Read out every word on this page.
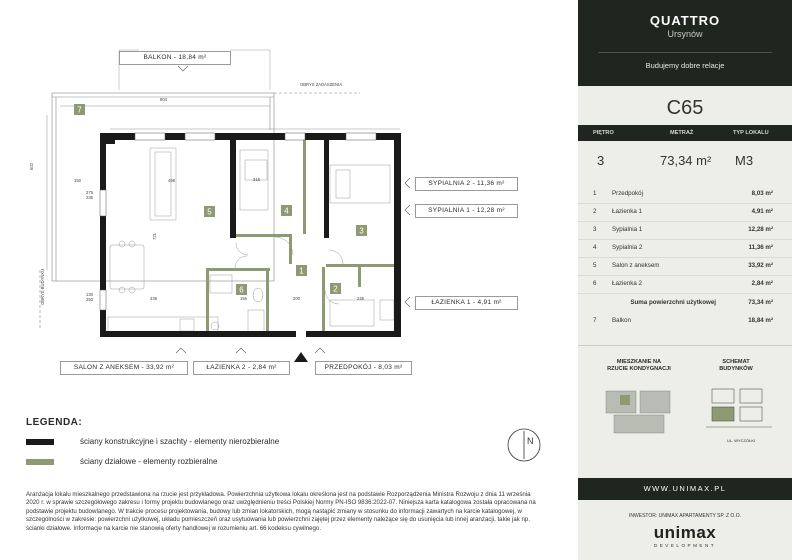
1
2
3
4
5
6
7
804
OBRYS ZADASZENIA
602
150
375 235
498
721
438
315
200
155	248
130 250
OBRYS BUDYNKU
BALKON - 18,84 m²
SYPIALNIA 2 - 11,36 m²
SYPIALNIA 1 - 12,28 m²
ŁAZIENKA 1 - 4,91 m²
SALON Z ANEKSEM - 33,92 m²	ŁAZIENKA 2 - 2,84 m²	PRZEDPOKÓJ - 8,03 m²
LEGENDA:
ściany konstrukcyjne i szachty - elementy nierozbieralne
ściany działowe - elementy rozbieralne
N
Aranżacja lokalu mieszkalnego przedstawiona na rzucie jest przykładowa. Powierzchnia użytkowa lokalu określona jest na podstawie Rozporządzenia Ministra Rozwoju z dnia 11 września 2020 r. w sprawie szczegółowego zakresu i formy projektu budowlanego oraz uwzględnieniu treści Polskiej Normy PN-ISO 9836:2022-07. Niniejsza karta katalogowa została opracowana na podstawie projektu budowlanego. W trakcie procesu projektowania, budowy lub zmian lokatorskich, mogą nastąpić zmiany w stosunku do informacji zawartych na karcie katalogowej, w szczególności w zakresie: powierzchni użytkowej, układu pomieszczeń oraz usytuowania lub powierzchni zajętej przez elementy należące się do usunięcia lub innej aranżacji, takie jak np. ścianki działowe. Informacje na karcie nie stanowią oferty handlowej w rozumieniu art. 66 kodeksu cywilnego.
QUATTRO
Ursynów
Budujemy dobre relacje
C65
PIĘTRO	METRAŻ	TYP LOKALU
3	73,34 m² M3
1	Przedpokój	8,03 m²
2	Łazienka 1	4,91 m²
3	Sypialnia 1	12,28 m²
4	Sypialnia 2	11,36 m²
5	Salon z aneksem	33,92 m²
6	Łazienka 2	2,84 m²
Suma powierzchni użytkowej	73,34 m²
7	Balkon	18,84 m²
MIESZKANIE NA
RZUCIE KONDYGNACJI
SCHEMAT
BUDYNKÓW
UL. WYCZÓŁKI
WWW.UNIMAX.PL
INWESTOR: UNIMAX APARTAMENTY SP. Z O.O.
unimax
DEVELOPMENT
